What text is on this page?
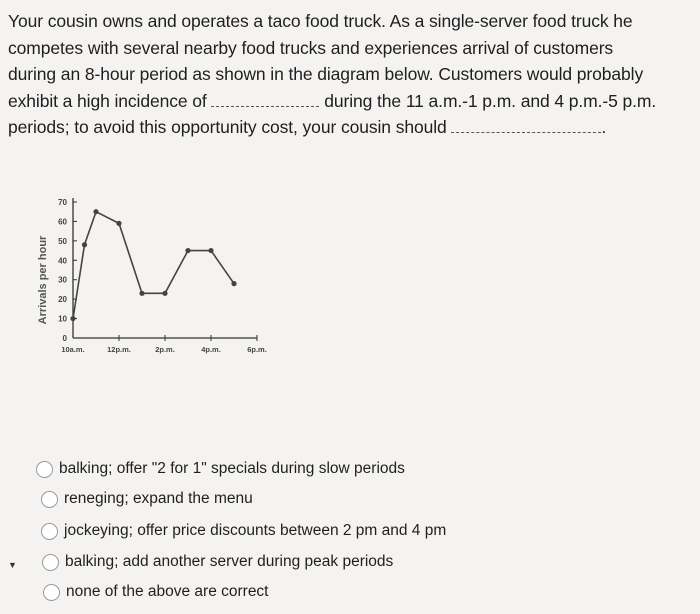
Your cousin owns and operates a taco food truck. As a single-server food truck he
competes with several nearby food trucks and experiences arrival of customers
during an 8-hour period as shown in the diagram below. Customers would probably
exhibit a high incidence of	during the 11 a.m.-1 p.m. and 4 p.m.-5 p.m.
periods; to avoid this opportunity cost, your cousin should	.
Arrivals per hour
0
10
20
30
40
50
60
70
10a.m.	12p.m.	2p.m.	4p.m.	6p.m.
balking; offer "2 for 1" specials during slow periods
reneging; expand the menu
jockeying; offer price discounts between 2 pm and 4 pm
balking; add another server during peak periods
none of the above are correct
▼
